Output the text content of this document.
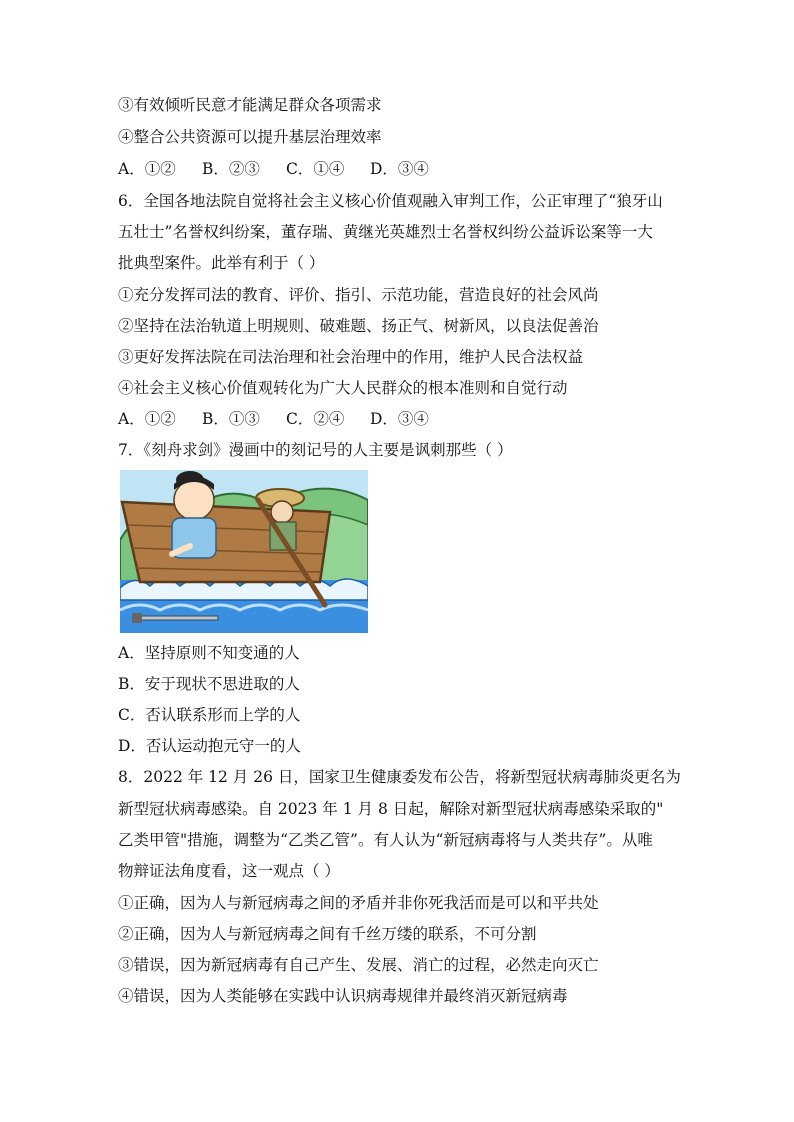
③有效倾听民意才能满足群众各项需求
④整合公共资源可以提升基层治理效率
A．①② B．②③ C．①④ D．③④
6．全国各地法院自觉将社会主义核心价值观融入审判工作，公正审理了“狼牙山
五壮士”名誉权纠纷案，董存瑞、黄继光英雄烈士名誉权纠纷公益诉讼案等一大
批典型案件。此举有利于（ ）
①充分发挥司法的教育、评价、指引、示范功能，营造良好的社会风尚
②坚持在法治轨道上明规则、破难题、扬正气、树新风，以良法促善治
③更好发挥法院在司法治理和社会治理中的作用，维护人民合法权益
④社会主义核心价值观转化为广大人民群众的根本准则和自觉行动
A．①② B．①③ C．②④ D．③④
7．《刻舟求剑》漫画中的刻记号的人主要是讽刺那些（ ）
A．坚持原则不知变通的人
B．安于现状不思进取的人
C．否认联系形而上学的人
D．否认运动抱元守一的人
8．2022 年 12 月 26 日，国家卫生健康委发布公告，将新型冠状病毒肺炎更名为
新型冠状病毒感染。自 2023 年 1 月 8 日起，解除对新型冠状病毒感染采取的"
乙类甲管"措施，调整为“乙类乙管”。有人认为“新冠病毒将与人类共存”。从唯
物辩证法角度看，这一观点（ ）
①正确，因为人与新冠病毒之间的矛盾并非你死我活而是可以和平共处
②正确，因为人与新冠病毒之间有千丝万缕的联系，不可分割
③错误，因为新冠病毒有自己产生、发展、消亡的过程，必然走向灭亡
④错误，因为人类能够在实践中认识病毒规律并最终消灭新冠病毒
